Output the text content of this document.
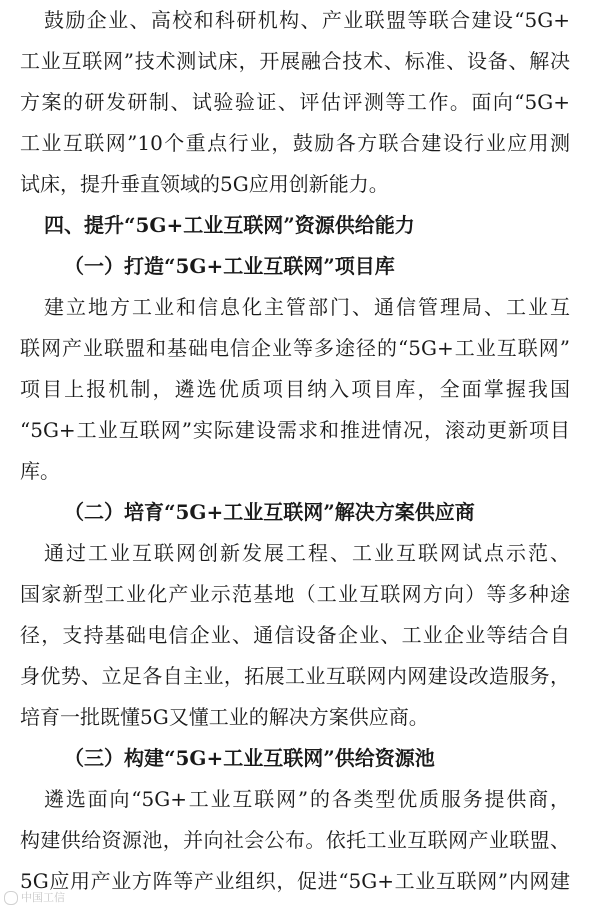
鼓励企业、高校和科研机构、产业联盟等联合建设“5G+
工业互联网”技术测试床，开展融合技术、标准、设备、解决
方案的研发研制、试验验证、评估评测等工作。面向“5G+
工业互联网”10个重点行业，鼓励各方联合建设行业应用测
试床，提升垂直领域的5G应用创新能力。
四、提升“5G+工业互联网”资源供给能力
（一）打造“5G+工业互联网”项目库
建立地方工业和信息化主管部门、通信管理局、工业互
联网产业联盟和基础电信企业等多途径的“5G+工业互联网”
项目上报机制，遴选优质项目纳入项目库，全面掌握我国
“5G+工业互联网”实际建设需求和推进情况，滚动更新项目
库。
（二）培育“5G+工业互联网”解决方案供应商
通过工业互联网创新发展工程、工业互联网试点示范、
国家新型工业化产业示范基地（工业互联网方向）等多种途
径，支持基础电信企业、通信设备企业、工业企业等结合自
身优势、立足各自主业，拓展工业互联网内网建设改造服务，
培育一批既懂5G又懂工业的解决方案供应商。
（三）构建“5G+工业互联网”供给资源池
遴选面向“5G+工业互联网”的各类型优质服务提供商，
构建供给资源池，并向社会公布。依托工业互联网产业联盟、
5G应用产业方阵等产业组织，促进“5G+工业互联网”内网建
中国工信
